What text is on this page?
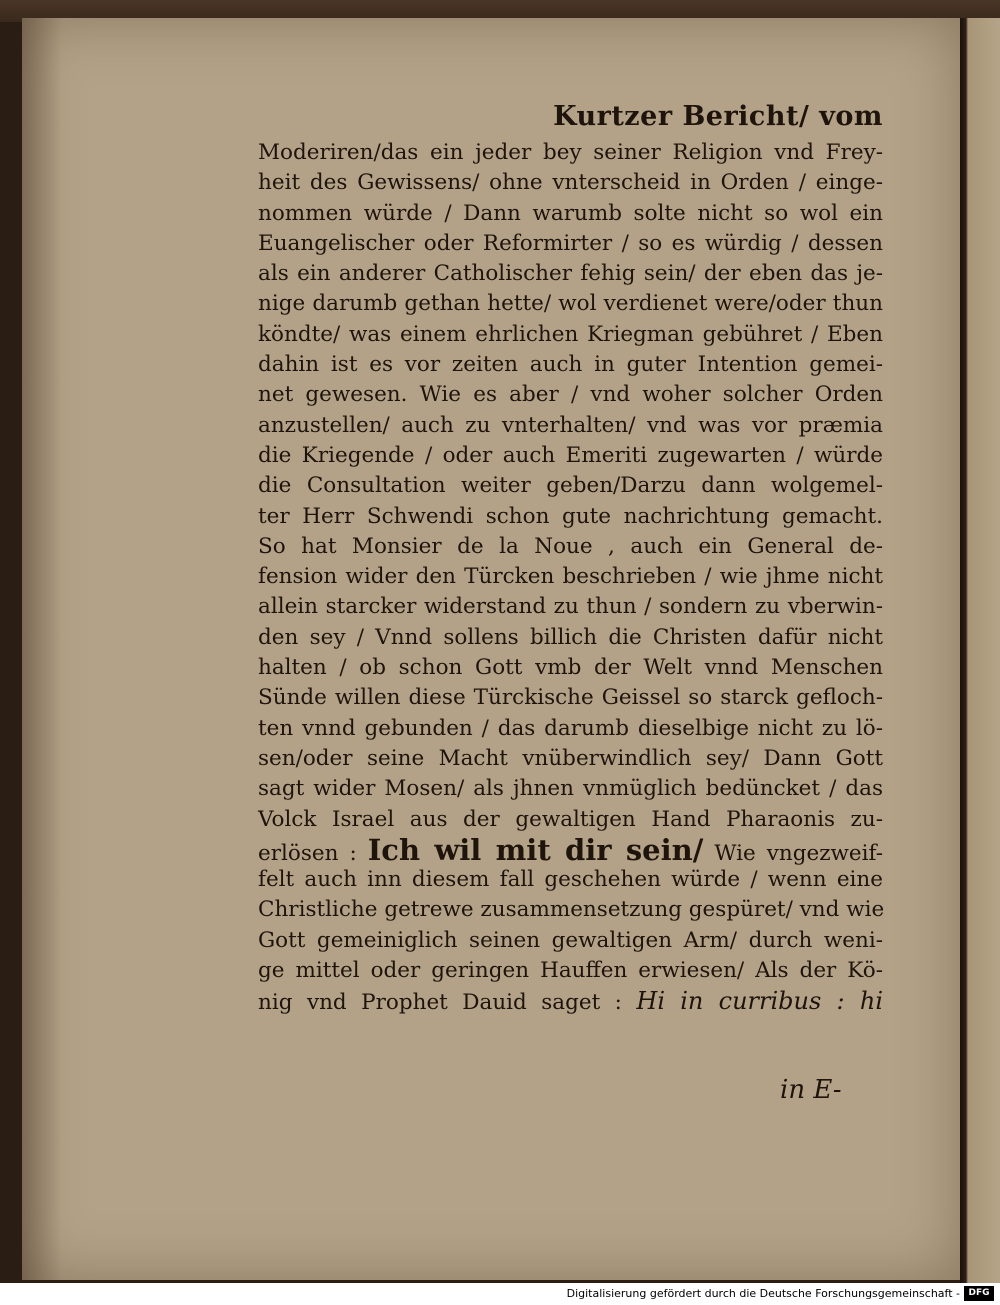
Kurtzer Bericht/ vom
Moderiren/das ein jeder bey seiner Religion vnd Frey-
heit des Gewissens/ ohne vnterscheid in Orden / einge-
nommen würde / Dann warumb solte nicht so wol ein
Euangelischer oder Reformirter / so es würdig / dessen
als ein anderer Catholischer fehig sein/ der eben das je-
nige darumb gethan hette/ wol verdienet were/oder thun
köndte/ was einem ehrlichen Kriegman gebühret / Eben
dahin ist es vor zeiten auch in guter Intention gemei-
net gewesen. Wie es aber / vnd woher solcher Orden
anzustellen/ auch zu vnterhalten/ vnd was vor præmia
die Kriegende / oder auch Emeriti zugewarten / würde
die Consultation weiter geben/Darzu dann wolgemel-
ter Herr Schwendi schon gute nachrichtung gemacht.
So hat Monsier de la Noue , auch ein General de-
fension wider den Türcken beschrieben / wie jhme nicht
allein starcker widerstand zu thun / sondern zu vberwin-
den sey / Vnnd sollens billich die Christen dafür nicht
halten / ob schon Gott vmb der Welt vnnd Menschen
Sünde willen diese Türckische Geissel so starck gefloch-
ten vnnd gebunden / das darumb dieselbige nicht zu lö-
sen/oder seine Macht vnüberwindlich sey/ Dann Gott
sagt wider Mosen/ als jhnen vnmüglich bedüncket / das
Volck Israel aus der gewaltigen Hand Pharaonis zu-
erlösen : Ich wil mit dir sein/ Wie vngezweif-
felt auch inn diesem fall geschehen würde / wenn eine
Christliche getrewe zusammensetzung gespüret/ vnd wie
Gott gemeiniglich seinen gewaltigen Arm/ durch weni-
ge mittel oder geringen Hauffen erwiesen/ Als der Kö-
nig vnd Prophet Dauid saget : Hi in curribus : hi
in E-
Digitalisierung gefördert durch die Deutsche Forschungsgemeinschaft - DFG
